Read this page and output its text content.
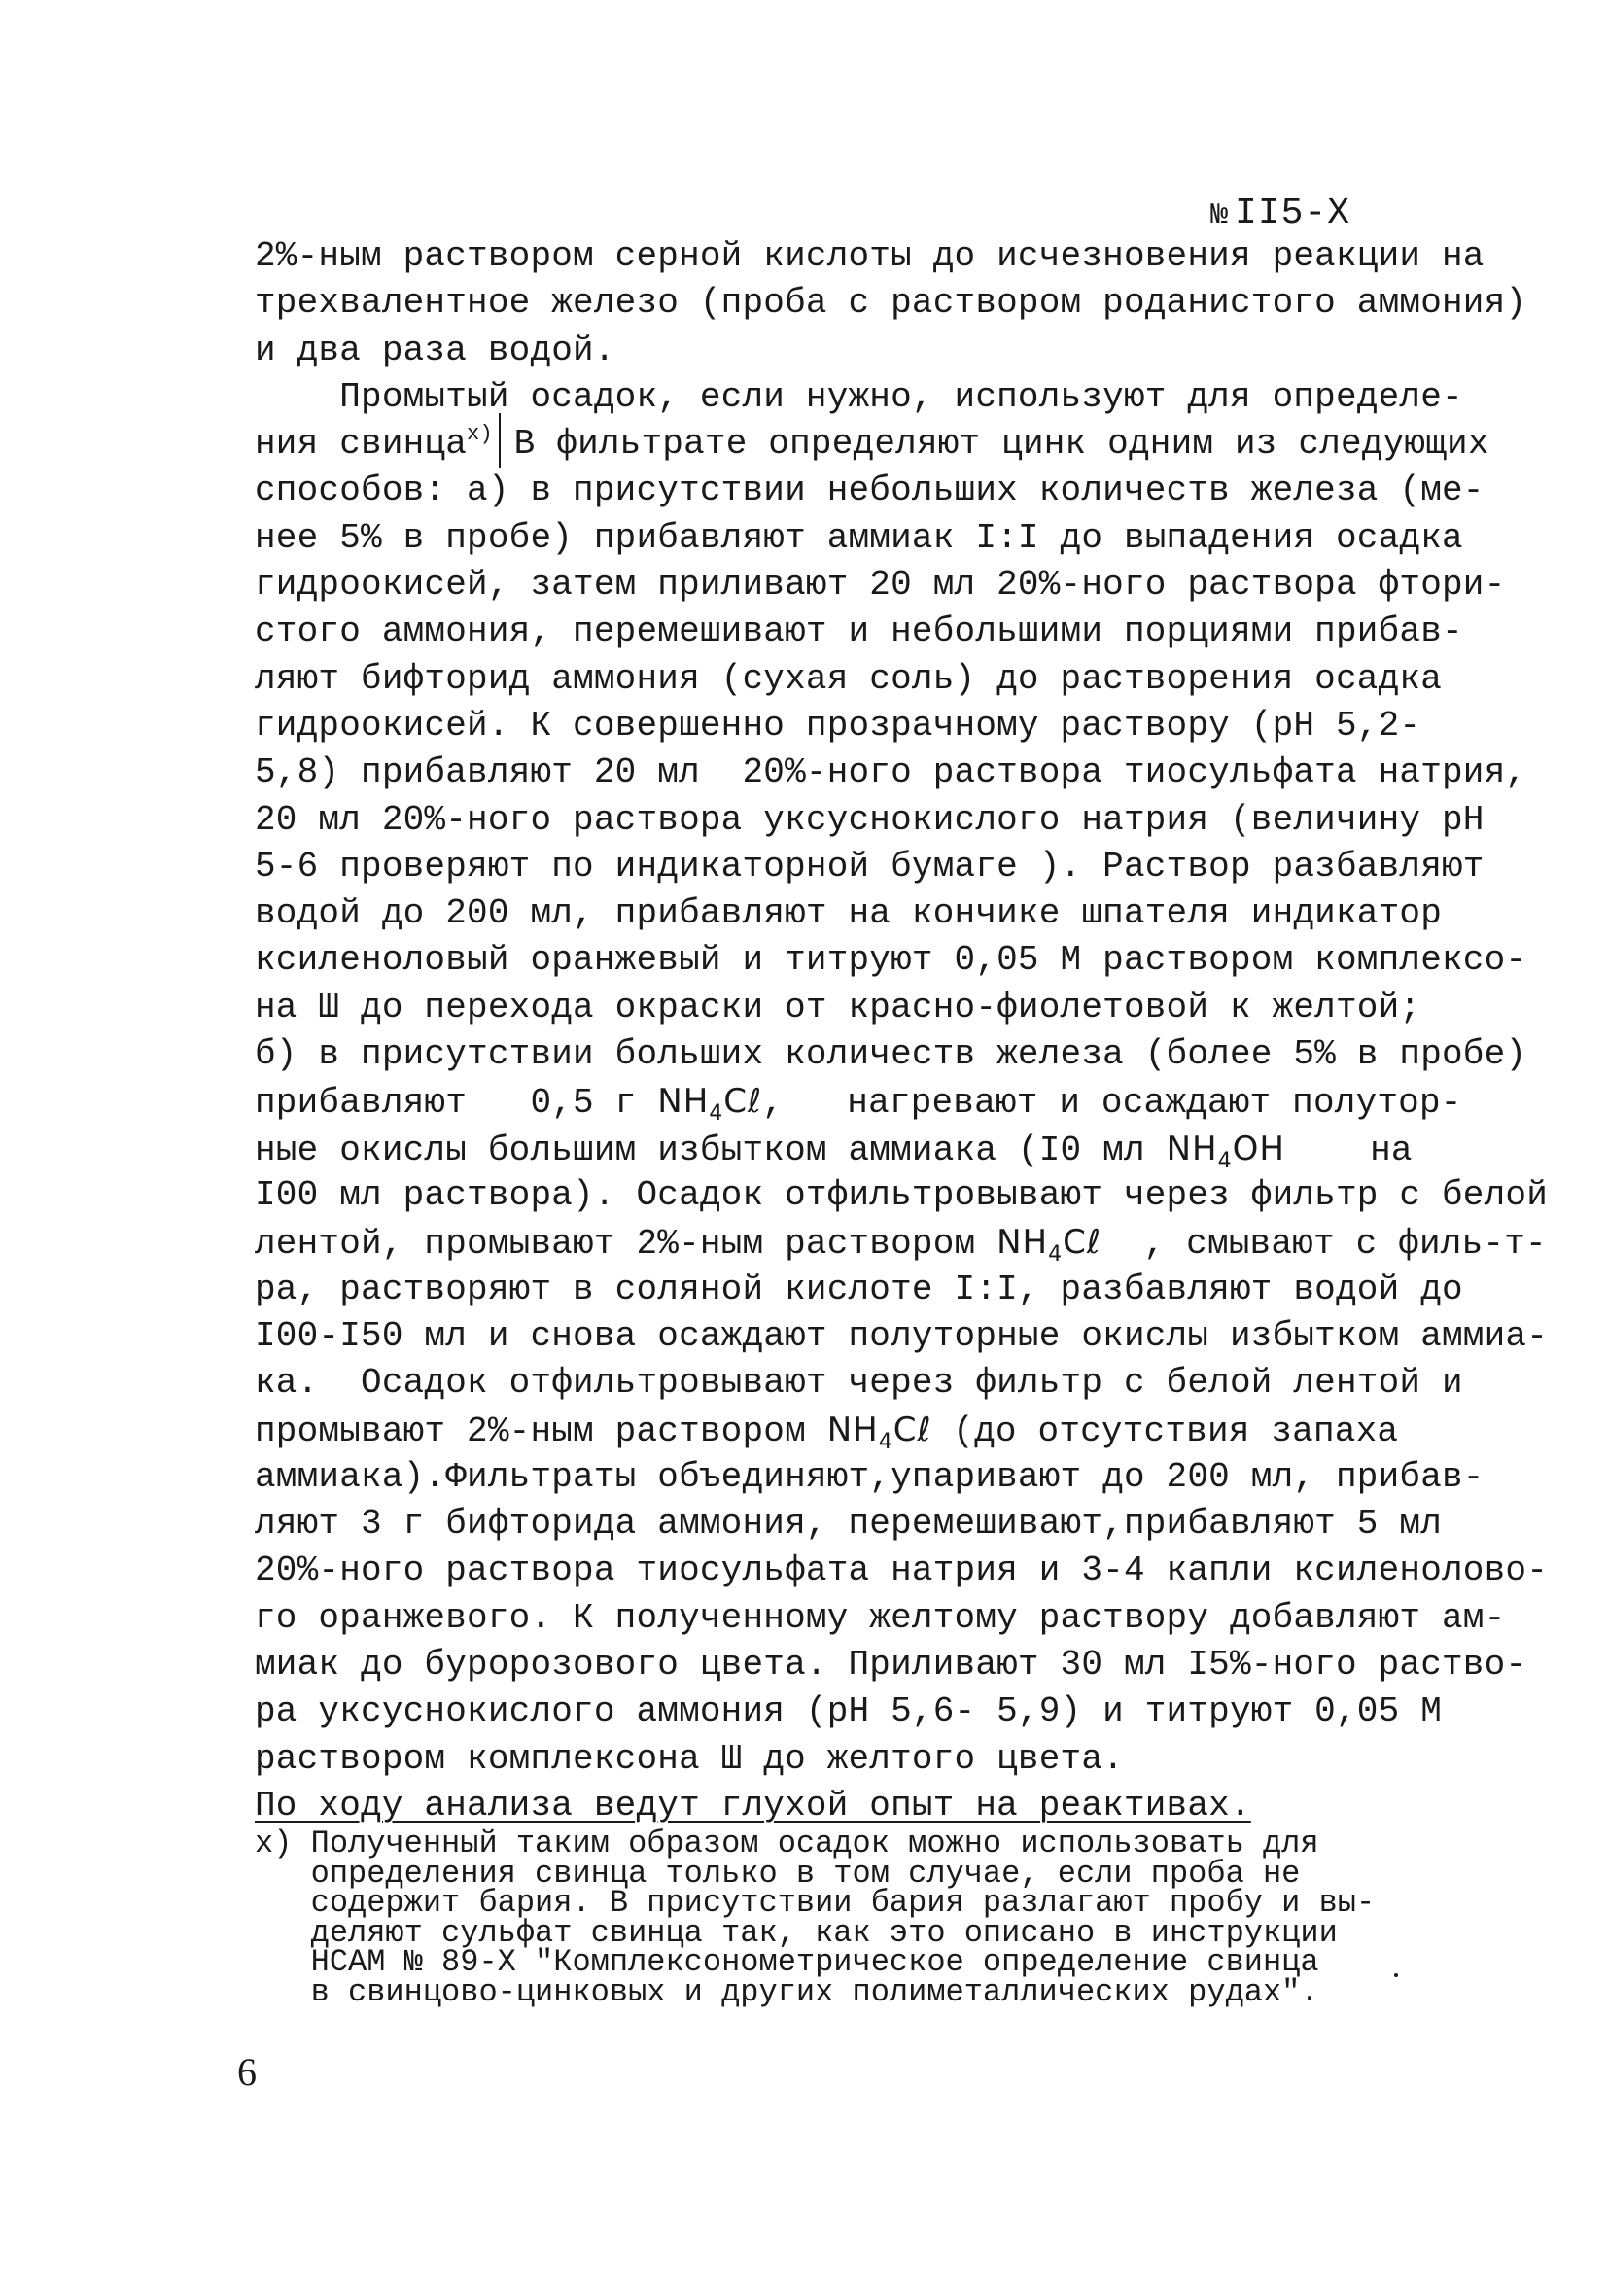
№ II5-X
2%-ным раствором серной кислоты до исчезновения реакции на
трехвалентное железо (проба с раствором роданистого аммония)
и два раза водой.
Промытый осадок, если нужно, используют для определе-
ния свинца$^{x)}$ В фильтрате определяют цинк одним из следующих
способов: а) в присутствии небольших количеств железа (ме-
нее 5% в пробе) прибавляют аммиак I:I до выпадения осадка
гидроокисей, затем приливают 20 мл 20%-ного раствора фтори-
стого аммония, перемешивают и небольшими порциями прибав-
ляют бифторид аммония (сухая соль) до растворения осадка
гидроокисей. К совершенно прозрачному раствору (рН 5,2-
5,8) прибавляют 20 мл  20%-ного раствора тиосульфата натрия,
20 мл 20%-ного раствора уксуснокислого натрия (величину рН
5-6 проверяют по индикаторной бумаге ). Раствор разбавляют
водой до 200 мл, прибавляют на кончике шпателя индикатор
ксиленоловый оранжевый и титруют 0,05 М раствором комплексо-
на Ш до перехода окраски от красно-фиолетовой к желтой;
б) в присутствии больших количеств железа (более 5% в пробе)
прибавляют   0,5 г $NH_4C\ell$,   нагревают и осаждают полутор-
ные окислы большим избытком аммиака (I0 мл $NH_4OH$    на
I00 мл раствора). Осадок отфильтровывают через фильтр с белой
лентой, промывают 2%-ным раствором $NH_4C\ell$  , смывают с филь-т-
ра, растворяют в соляной кислоте I:I, разбавляют водой до
I00-I50 мл и снова осаждают полуторные окислы избытком аммиа-
ка.  Осадок отфильтровывают через фильтр с белой лентой и
промывают 2%-ным раствором $NH_4C\ell$ (до отсутствия запаха
аммиака).Фильтраты объединяют,упаривают до 200 мл, прибав-
ляют 3 г бифторида аммония, перемешивают,прибавляют 5 мл
20%-ного раствора тиосульфата натрия и 3-4 капли ксиленолово-
го оранжевого. К полученному желтому раствору добавляют ам-
миак до буророзового цвета. Приливают 30 мл I5%-ного раство-
ра уксуснокислого аммония (рН 5,6- 5,9) и титруют 0,05 М
раствором комплексона Ш до желтого цвета.
По ходу анализа ведут глухой опыт на реактивах.
x) Полученный таким образом осадок можно использовать для
определения свинца только в том случае, если проба не
содержит бария. В присутствии бария разлагают пробу и вы-
деляют сульфат свинца так, как это описано в инструкции
НСАМ № 89-Х "Комплексонометрическое определение свинца
в свинцово-цинковых и других полиметаллических рудах".
6
